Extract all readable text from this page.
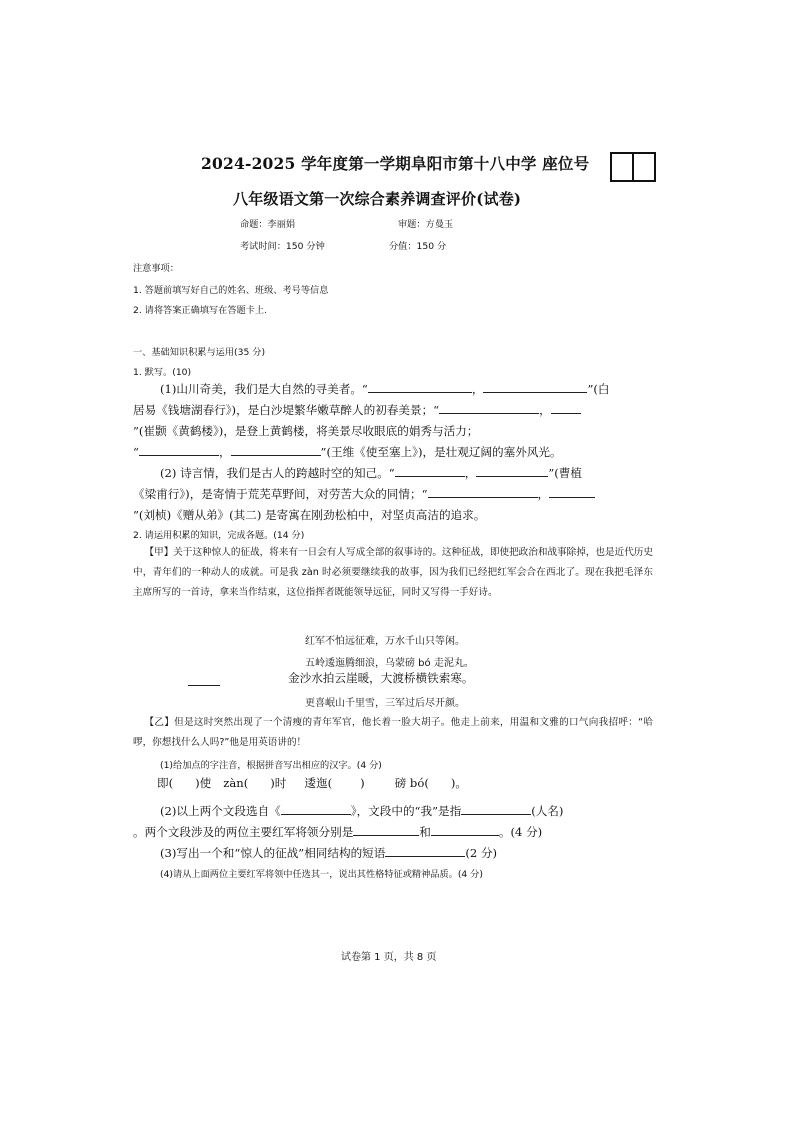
2024-2025 学年度第一学期阜阳市第十八中学 座位号
八年级语文第一次综合素养调查评价(试卷)
命题：李丽娟	审题：方曼玉
考试时间：150 分钟	分值：150 分
注意事项：
1. 答题前填写好自己的姓名、班级、考号等信息
2. 请将答案正确填写在答题卡上.
一、基础知识积累与运用(35 分)
1. 默写。(10)
(1)山川奇美，我们是大自然的寻美者。“	，	”(白
居易《钱塘湖春行》)，是白沙堤繁华嫩草醉人的初春美景；“	，
”(崔颢《黄鹤楼》)，是登上黄鹤楼，将美景尽收眼底的娟秀与活力；
“	，	”(王维《使至塞上》)，是壮观辽阔的塞外风光。
(2) 诗言情，我们是古人的跨越时空的知己。“	，	”(曹植
《梁甫行》)，是寄情于荒芜草野间，对劳苦大众的同情；“	，
”(刘桢)《赠从弟》(其二) 是寄寓在刚劲松柏中，对坚贞高洁的追求。
2. 请运用积累的知识，完成各题。(14 分)

【甲】关于这种惊人的征战，将来有一日会有人写成全部的叙事诗的。这种征战，即使把政治和战事除掉，也是近代历史中，青年们的一种动人的成就。可是我 zàn 时必须要继续我的故事，因为我们已经把红军会合在西北了。现在我把毛泽东主席所写的一首诗，拿来当作结束，这位指挥者既能领导远征，同时又写得一手好诗。

红军不怕远征难，万水千山只等闲。
五岭逶迤腾细浪，乌蒙磅 bó 走泥丸。
金沙水拍云崖暖，大渡桥横铁索寒。
更喜岷山千里雪，三军过后尽开颜。

【乙】但是这时突然出现了一个清瘦的青年军官，他长着一脸大胡子。他走上前来，用温和文雅的口气向我招呼：“哈啰，你想找什么人吗?”他是用英语讲的！

(1)给加点的字注音，根据拼音写出相应的汉字。(4 分)
即( )使 zàn( )时 逶迤( )	磅 bó( )。
(2)以上两个文段选自《	》，文段中的“我”是指	(人名)
。两个文段涉及的两位主要红军将领分别是	和	。(4 分)
(3)写出一个和“惊人的征战”相同结构的短语	(2 分)
(4)请从上面两位主要红军将领中任选其一，说出其性格特征或精神品质。(4 分)
试卷第 1 页，共 8 页
